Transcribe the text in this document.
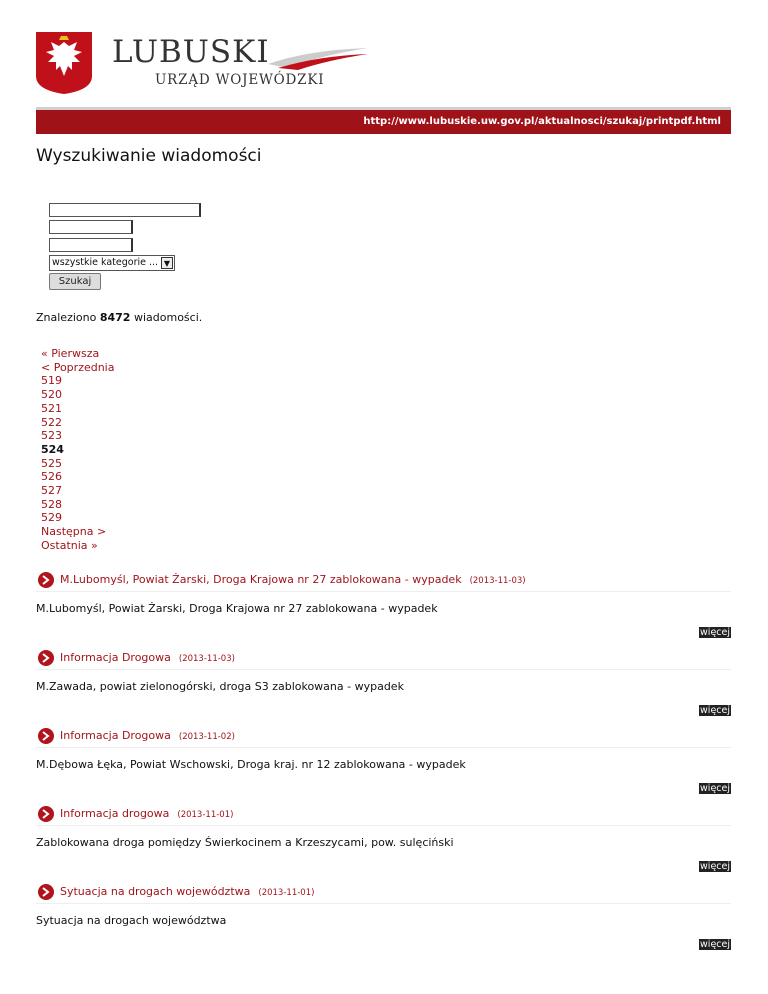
LUBUSKI
URZĄD WOJEWÓDZKI
http://www.lubuskie.uw.gov.pl/aktualnosci/szukaj/printpdf.html
Wyszukiwanie wiadomości
wszystkie kategorie ... ▼
Szukaj
Znaleziono 8472 wiadomości.
« Pierwsza
< Poprzednia
519
520
521
522
523
524
525
526
527
528
529
Następna >
Ostatnia »
M.Lubomyśl, Powiat Żarski, Droga Krajowa nr 27 zablokowana - wypadek (2013-11-03)
M.Lubomyśl, Powiat Żarski, Droga Krajowa nr 27 zablokowana - wypadek
więcej
Informacja Drogowa (2013-11-03)
M.Zawada, powiat zielonogórski, droga S3 zablokowana - wypadek
więcej
Informacja Drogowa (2013-11-02)
M.Dębowa Łęka, Powiat Wschowski, Droga kraj. nr 12 zablokowana - wypadek
więcej
Informacja drogowa (2013-11-01)
Zablokowana droga pomiędzy Świerkocinem a Krzeszycami, pow. sulęciński
więcej
Sytuacja na drogach województwa (2013-11-01)
Sytuacja na drogach województwa
więcej
